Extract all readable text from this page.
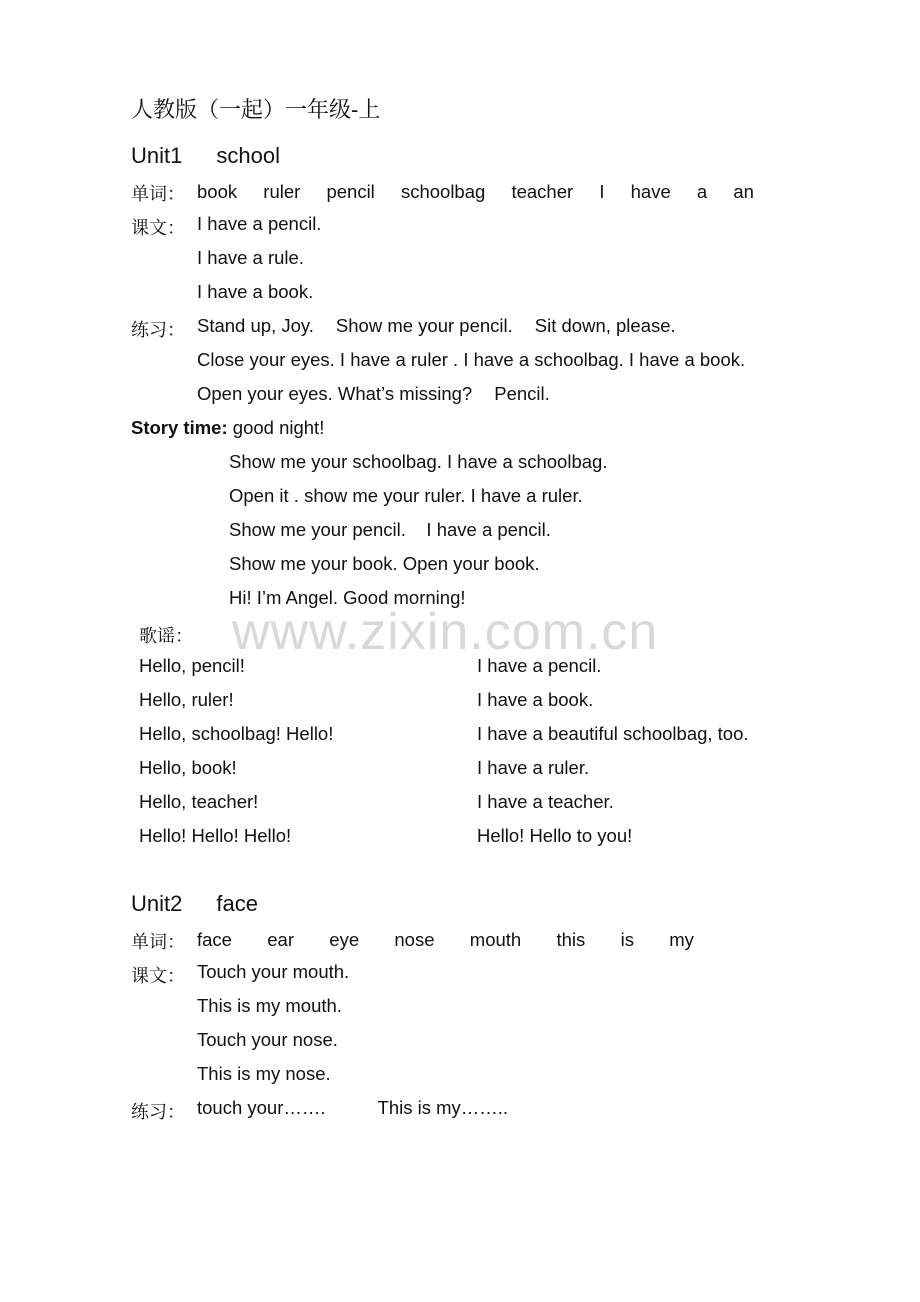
人教版（一起）一年级-上
Unit1 school
单词： book ruler pencil schoolbag teacher I have a an
课文： I have a pencil.
I have a rule.
I have a book.
练习： Stand up, Joy. Show me your pencil. Sit down, please.
Close your eyes. I have a ruler . I have a schoolbag. I have a book.
Open your eyes. What’s missing? Pencil.
Story time: good night!
Show me your schoolbag. I have a schoolbag.
Open it . show me your ruler. I have a ruler.
Show me your pencil.    I have a pencil.
Show me your book. Open your book.
Hi! I’m Angel. Good morning!
歌谣：
Hello, pencil!
Hello, ruler!
Hello, schoolbag! Hello!
Hello, book!
Hello, teacher!
Hello! Hello! Hello!
I have a pencil.
I have a book.
I have a beautiful schoolbag, too.
I have a ruler.
I have a teacher.
Hello! Hello to you!
Unit2 face
单词： face ear eye nose mouth this is my
课文： Touch your mouth.
This is my mouth.
Touch your nose.
This is my nose.
练习： touch your…….	This is my……..
www.zixin.com.cn
